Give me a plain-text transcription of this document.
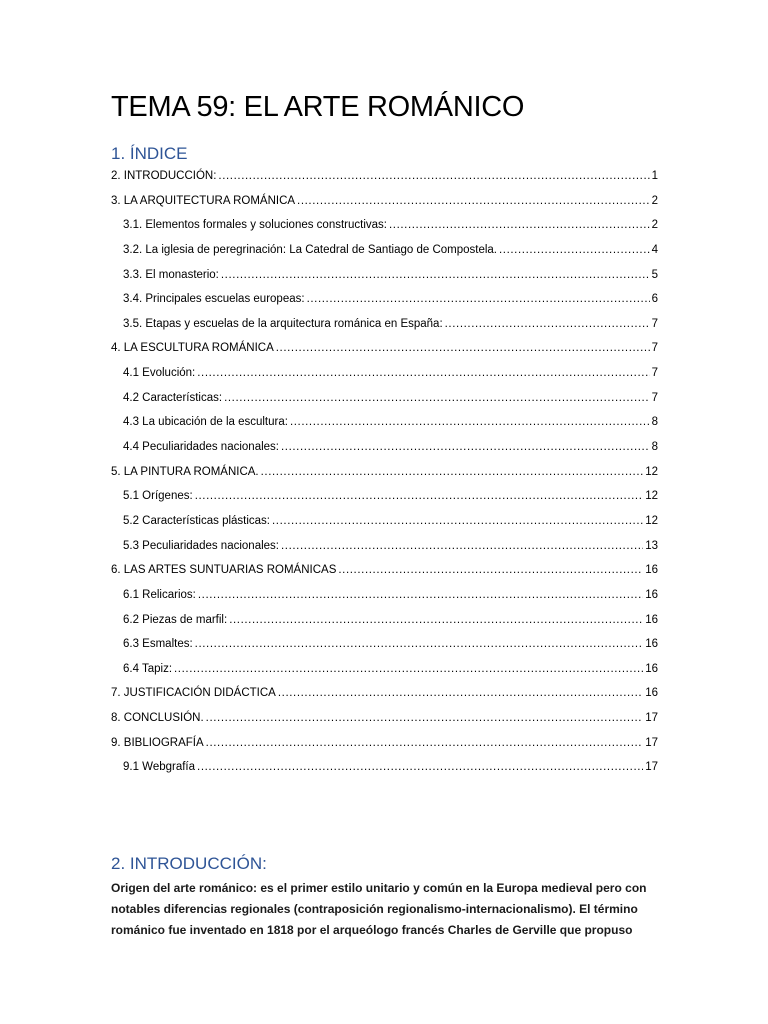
TEMA 59: EL ARTE ROMÁNICO
1. ÍNDICE
2. INTRODUCCIÓN: .....	1
3. LA ARQUITECTURA ROMÁNICA .....	2
3.1. Elementos formales y soluciones constructivas: .....	2
3.2. La iglesia de peregrinación: La Catedral de Santiago de Compostela. .....	4
3.3. El monasterio: .....	5
3.4. Principales escuelas europeas: .....	6
3.5. Etapas y escuelas de la arquitectura románica en España: .....	7
4. LA ESCULTURA ROMÁNICA .....	7
4.1 Evolución: .....	7
4.2 Características: .....	7
4.3 La ubicación de la escultura: .....	8
4.4 Peculiaridades nacionales: .....	8
5. LA PINTURA ROMÁNICA. .....	12
5.1 Orígenes: .....	12
5.2 Características plásticas: .....	12
5.3 Peculiaridades nacionales: .....	13
6. LAS ARTES SUNTUARIAS ROMÁNICAS .....	16
6.1 Relicarios: .....	16
6.2 Piezas de marfil: .....	16
6.3 Esmaltes: .....	16
6.4 Tapiz: .....	16
7. JUSTIFICACIÓN DIDÁCTICA .....	16
8. CONCLUSIÓN. .....	17
9. BIBLIOGRAFÍA .....	17
9.1 Webgrafía .....	17
2. INTRODUCCIÓN:

Origen del arte románico: es el primer estilo unitario y común en la Europa medieval pero con notables diferencias regionales (contraposición regionalismo-internacionalismo). El término románico fue inventado en 1818 por el arqueólogo francés Charles de Gerville que propuso
